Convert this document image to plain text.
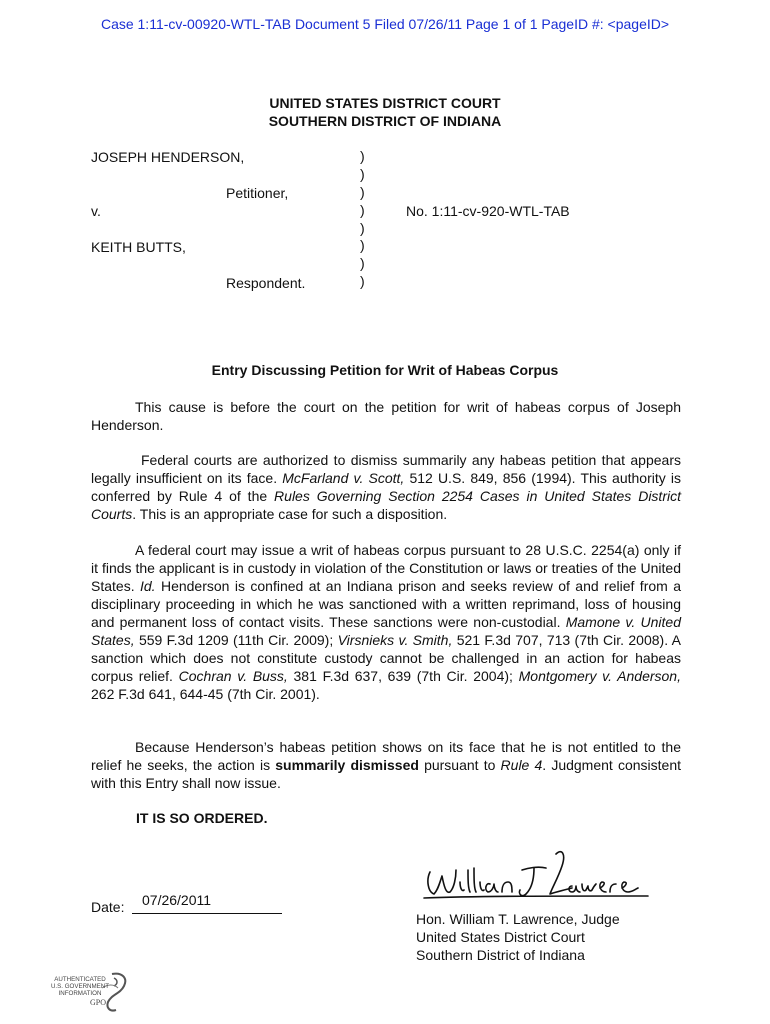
Case 1:11-cv-00920-WTL-TAB Document 5 Filed 07/26/11 Page 1 of 1 PageID #: <pageID>
UNITED STATES DISTRICT COURT
SOUTHERN DISTRICT OF INDIANA
JOSEPH HENDERSON,
Petitioner,
v.
KEITH BUTTS,
Respondent.
No. 1:11-cv-920-WTL-TAB
)
)
)
)
)
)
)
)
Entry Discussing Petition for Writ of Habeas Corpus
This cause is before the court on the petition for writ of habeas corpus of Joseph Henderson.
Federal courts are authorized to dismiss summarily any habeas petition that appears legally insufficient on its face. McFarland v. Scott, 512 U.S. 849, 856 (1994). This authority is conferred by Rule 4 of the Rules Governing Section 2254 Cases in United States District Courts. This is an appropriate case for such a disposition.
A federal court may issue a writ of habeas corpus pursuant to 28 U.S.C. 2254(a) only if it finds the applicant is in custody in violation of the Constitution or laws or treaties of the United States. Id. Henderson is confined at an Indiana prison and seeks review of and relief from a disciplinary proceeding in which he was sanctioned with a written reprimand, loss of housing and permanent loss of contact visits. These sanctions were non-custodial. Mamone v. United States, 559 F.3d 1209 (11th Cir. 2009); Virsnieks v. Smith, 521 F.3d 707, 713 (7th Cir. 2008). A sanction which does not constitute custody cannot be challenged in an action for habeas corpus relief. Cochran v. Buss, 381 F.3d 637, 639 (7th Cir. 2004); Montgomery v. Anderson, 262 F.3d 641, 644-45 (7th Cir. 2001).
Because Henderson’s habeas petition shows on its face that he is not entitled to the relief he seeks, the action is summarily dismissed pursuant to Rule 4. Judgment consistent with this Entry shall now issue.
IT IS SO ORDERED.
Date: 07/26/2011
Hon. William T. Lawrence, Judge
United States District Court
Southern District of Indiana
AUTHENTICATED
U.S. GOVERNMENT
INFORMATION
GPO
